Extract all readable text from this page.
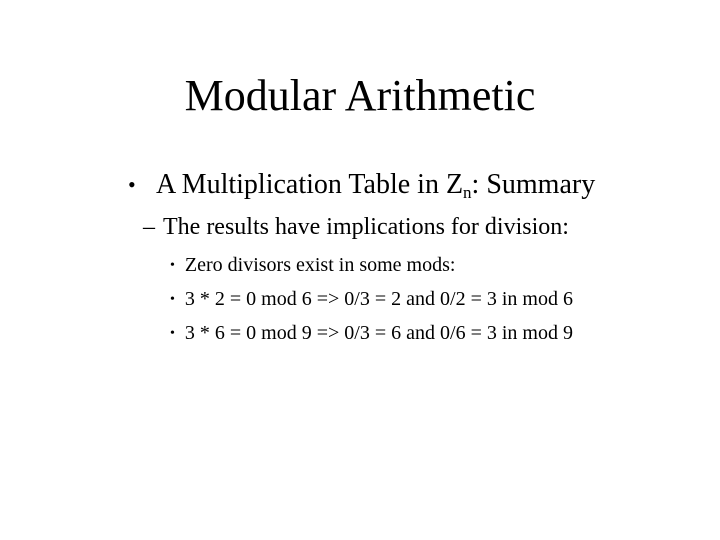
Modular Arithmetic
• A Multiplication Table in $Z_n$: Summary
– The results have implications for division:
• Zero divisors exist in some mods:
• 3 * 2 = 0 mod 6 => 0/3 = 2 and 0/2 = 3 in mod 6
• 3 * 6 = 0 mod 9 => 0/3 = 6 and 0/6 = 3 in mod 9
